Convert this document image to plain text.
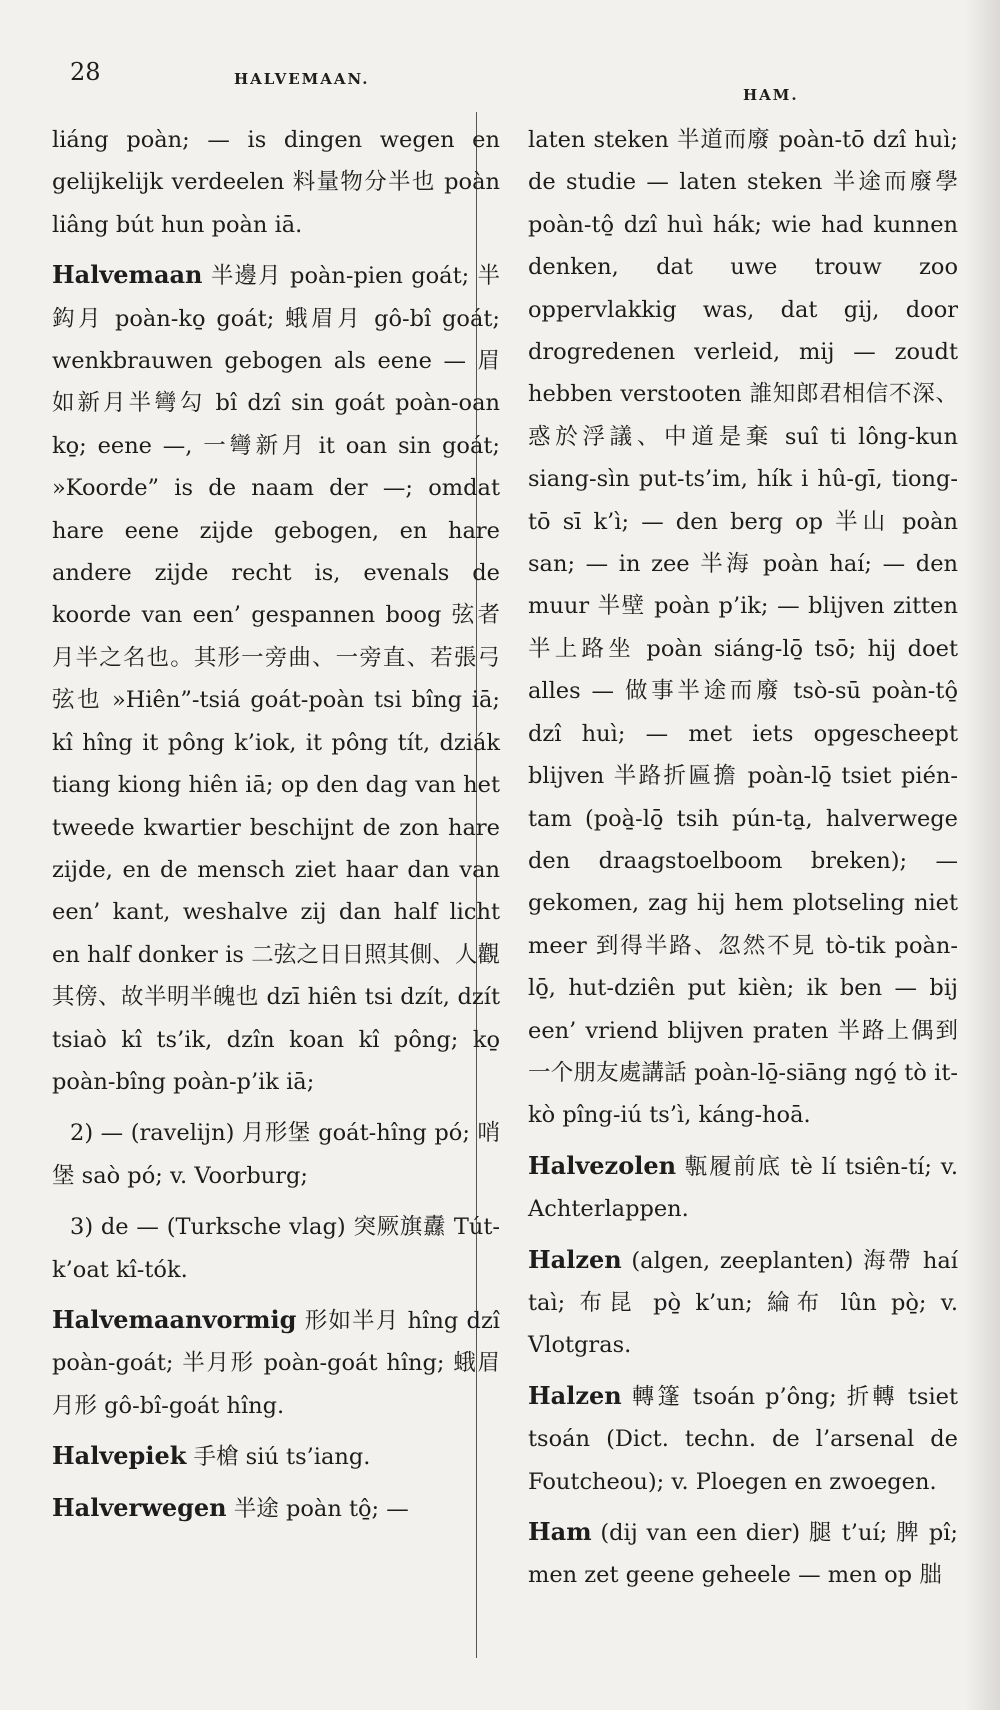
28	HALVEMAAN.
HAM.
liáng poàn; — is dingen wegen en gelijkelijk verdeelen 料量物分半也 poàn liâng bút hun poàn iā.
Halvemaan 半邊月 poàn-pien goát; 半鈎月 poàn-ko̱ goát; 蛾眉月 gô-bî goát; wenkbrauwen gebogen als eene — 眉如新月半彎勾 bî dzî sin goát poàn-oan ko̱; eene —, 一彎新月 it oan sin goát; »Koorde” is de naam der —; omdat hare eene zijde gebogen, en hare andere zijde recht is, evenals de koorde van een’ gespannen boog 弦者月半之名也。其形一旁曲、一旁直、若張弓弦也 »Hiên”-tsiá goát-poàn tsi bîng iā; kî hîng it pông k’iok, it pông tít, dziák tiang kiong hiên iā; op den dag van het tweede kwartier beschijnt de zon hare zijde, en de mensch ziet haar dan van een’ kant, weshalve zij dan half licht en half donker is 二弦之日日照其側、人觀其傍、故半明半魄也 dzī hiên tsi dzít, dzít tsiaò kî ts’ik, dzîn koan kî pông; ko̱ poàn-bîng poàn-p’ik iā;
2) — (ravelijn) 月形堡 goát-hîng pó; 哨堡 saò pó; v. Voorburg;
3) de — (Turksche vlag) 突厥旗纛 Tút-k’oat kî-tók.
Halvemaanvormig 形如半月 hîng dzî poàn-goát; 半月形 poàn-goát hîng; 蛾眉月形 gô-bî-goát hîng.
Halvepiek 手槍 siú ts’iang.
Halverwegen 半途 poàn tô̱; —
laten steken 半道而廢 poàn-tō dzî huì; de studie — laten steken 半途而廢學 poàn-tô̱ dzî huì hák; wie had kunnen denken, dat uwe trouw zoo oppervlakkig was, dat gij, door drogredenen verleid, mij — zoudt hebben verstooten 誰知郎君相信不深、惑於浮議、中道是棄 suî ti lông-kun siang-sìn put-ts’im, hík i hû-gī, tiong-tō sī k’ì; — den berg op 半山 poàn san; — in zee 半海 poàn haí; — den muur 半壁 poàn p’ik; — blijven zitten 半上路坐 poàn siáng-lō̱ tsō; hij doet alles — 做事半途而廢 tsò-sū poàn-tô̱ dzî huì; — met iets opgescheept blijven 半路折匾擔 poàn-lō̱ tsiet pién-tam (poà̱-lō̱ tsih pún-ta̱, halverwege den draagstoelboom breken); —gekomen, zag hij hem plotseling niet meer 到得半路、忽然不見 tò-tik poàn-lō̱, hut-dziên put kièn; ik ben — bij een’ vriend blijven praten 半路上偶到一个朋友處講話 poàn-lō̱-siāng ngó̱ tò it-kò pîng-iú ts’ì, káng-hoā.
Halvezolen 甎履前底 tè lí tsiên-tí; v. Achterlappen.
Halzen (algen, zeeplanten) 海帶 haí taì; 布昆 pò̱ k’un; 綸布 lûn pò̱; v. Vlotgras.
Halzen 轉篷 tsoán p’ông; 折轉 tsiet tsoán (Dict. techn. de l’arsenal de Foutcheou); v. Ploegen en zwoegen.
Ham (dij van een dier) 腿 t’uí; 脾 pî; men zet geene geheele — men op 朏
